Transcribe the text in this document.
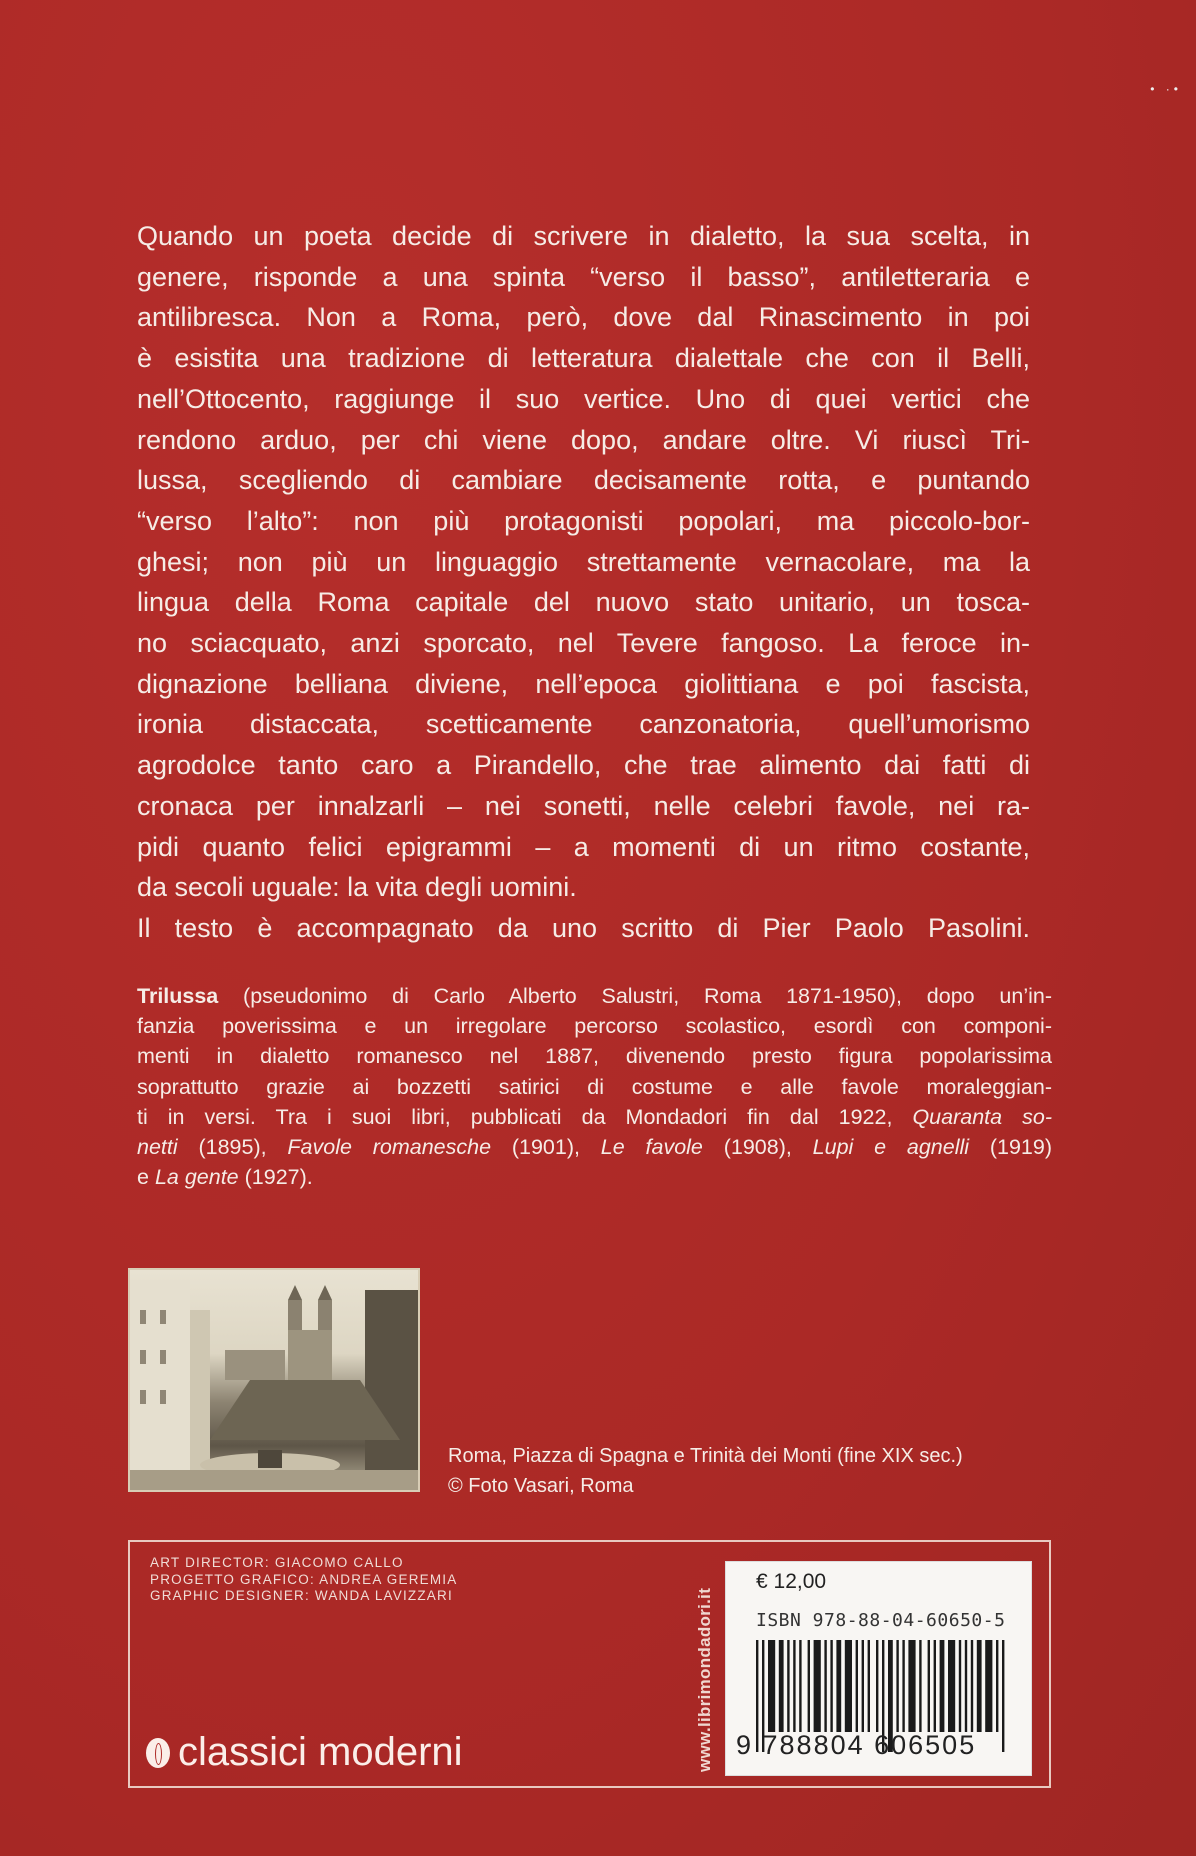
• ·•
Quando un poeta decide di scrivere in dialetto, la sua scelta, in
genere, risponde a una spinta “verso il basso”, antiletteraria e
antilibresca. Non a Roma, però, dove dal Rinascimento in poi
è esistita una tradizione di letteratura dialettale che con il Belli,
nell’Ottocento, raggiunge il suo vertice. Uno di quei vertici che
rendono arduo, per chi viene dopo, andare oltre. Vi riuscì Tri-
lussa, scegliendo di cambiare decisamente rotta, e puntando
“verso l’alto”: non più protagonisti popolari, ma piccolo-bor-
ghesi; non più un linguaggio strettamente vernacolare, ma la
lingua della Roma capitale del nuovo stato unitario, un tosca-
no sciacquato, anzi sporcato, nel Tevere fangoso. La feroce in-
dignazione belliana diviene, nell’epoca giolittiana e poi fascista,
ironia distaccata, scetticamente canzonatoria, quell’umorismo
agrodolce tanto caro a Pirandello, che trae alimento dai fatti di
cronaca per innalzarli – nei sonetti, nelle celebri favole, nei ra-
pidi quanto felici epigrammi – a momenti di un ritmo costante,
da secoli uguale: la vita degli uomini.
Il testo è accompagnato da uno scritto di Pier Paolo Pasolini.
Trilussa (pseudonimo di Carlo Alberto Salustri, Roma 1871-1950), dopo un’in-
fanzia poverissima e un irregolare percorso scolastico, esordì con componi-
menti in dialetto romanesco nel 1887, divenendo presto figura popolarissima
soprattutto grazie ai bozzetti satirici di costume e alle favole moraleggian-
ti in versi. Tra i suoi libri, pubblicati da Mondadori fin dal 1922, Quaranta so-
netti (1895), Favole romanesche (1901), Le favole (1908), Lupi e agnelli (1919)
e La gente (1927).
Roma, Piazza di Spagna e Trinità dei Monti (fine XIX sec.)
© Foto Vasari, Roma
ART DIRECTOR: GIACOMO CALLO
PROGETTO GRAFICO: ANDREA GEREMIA
GRAPHIC DESIGNER: WANDA LAVIZZARI
classici moderni	www.librimondadori.it
€ 12,00
ISBN 978-88-04-60650-5
9 788804 606505
